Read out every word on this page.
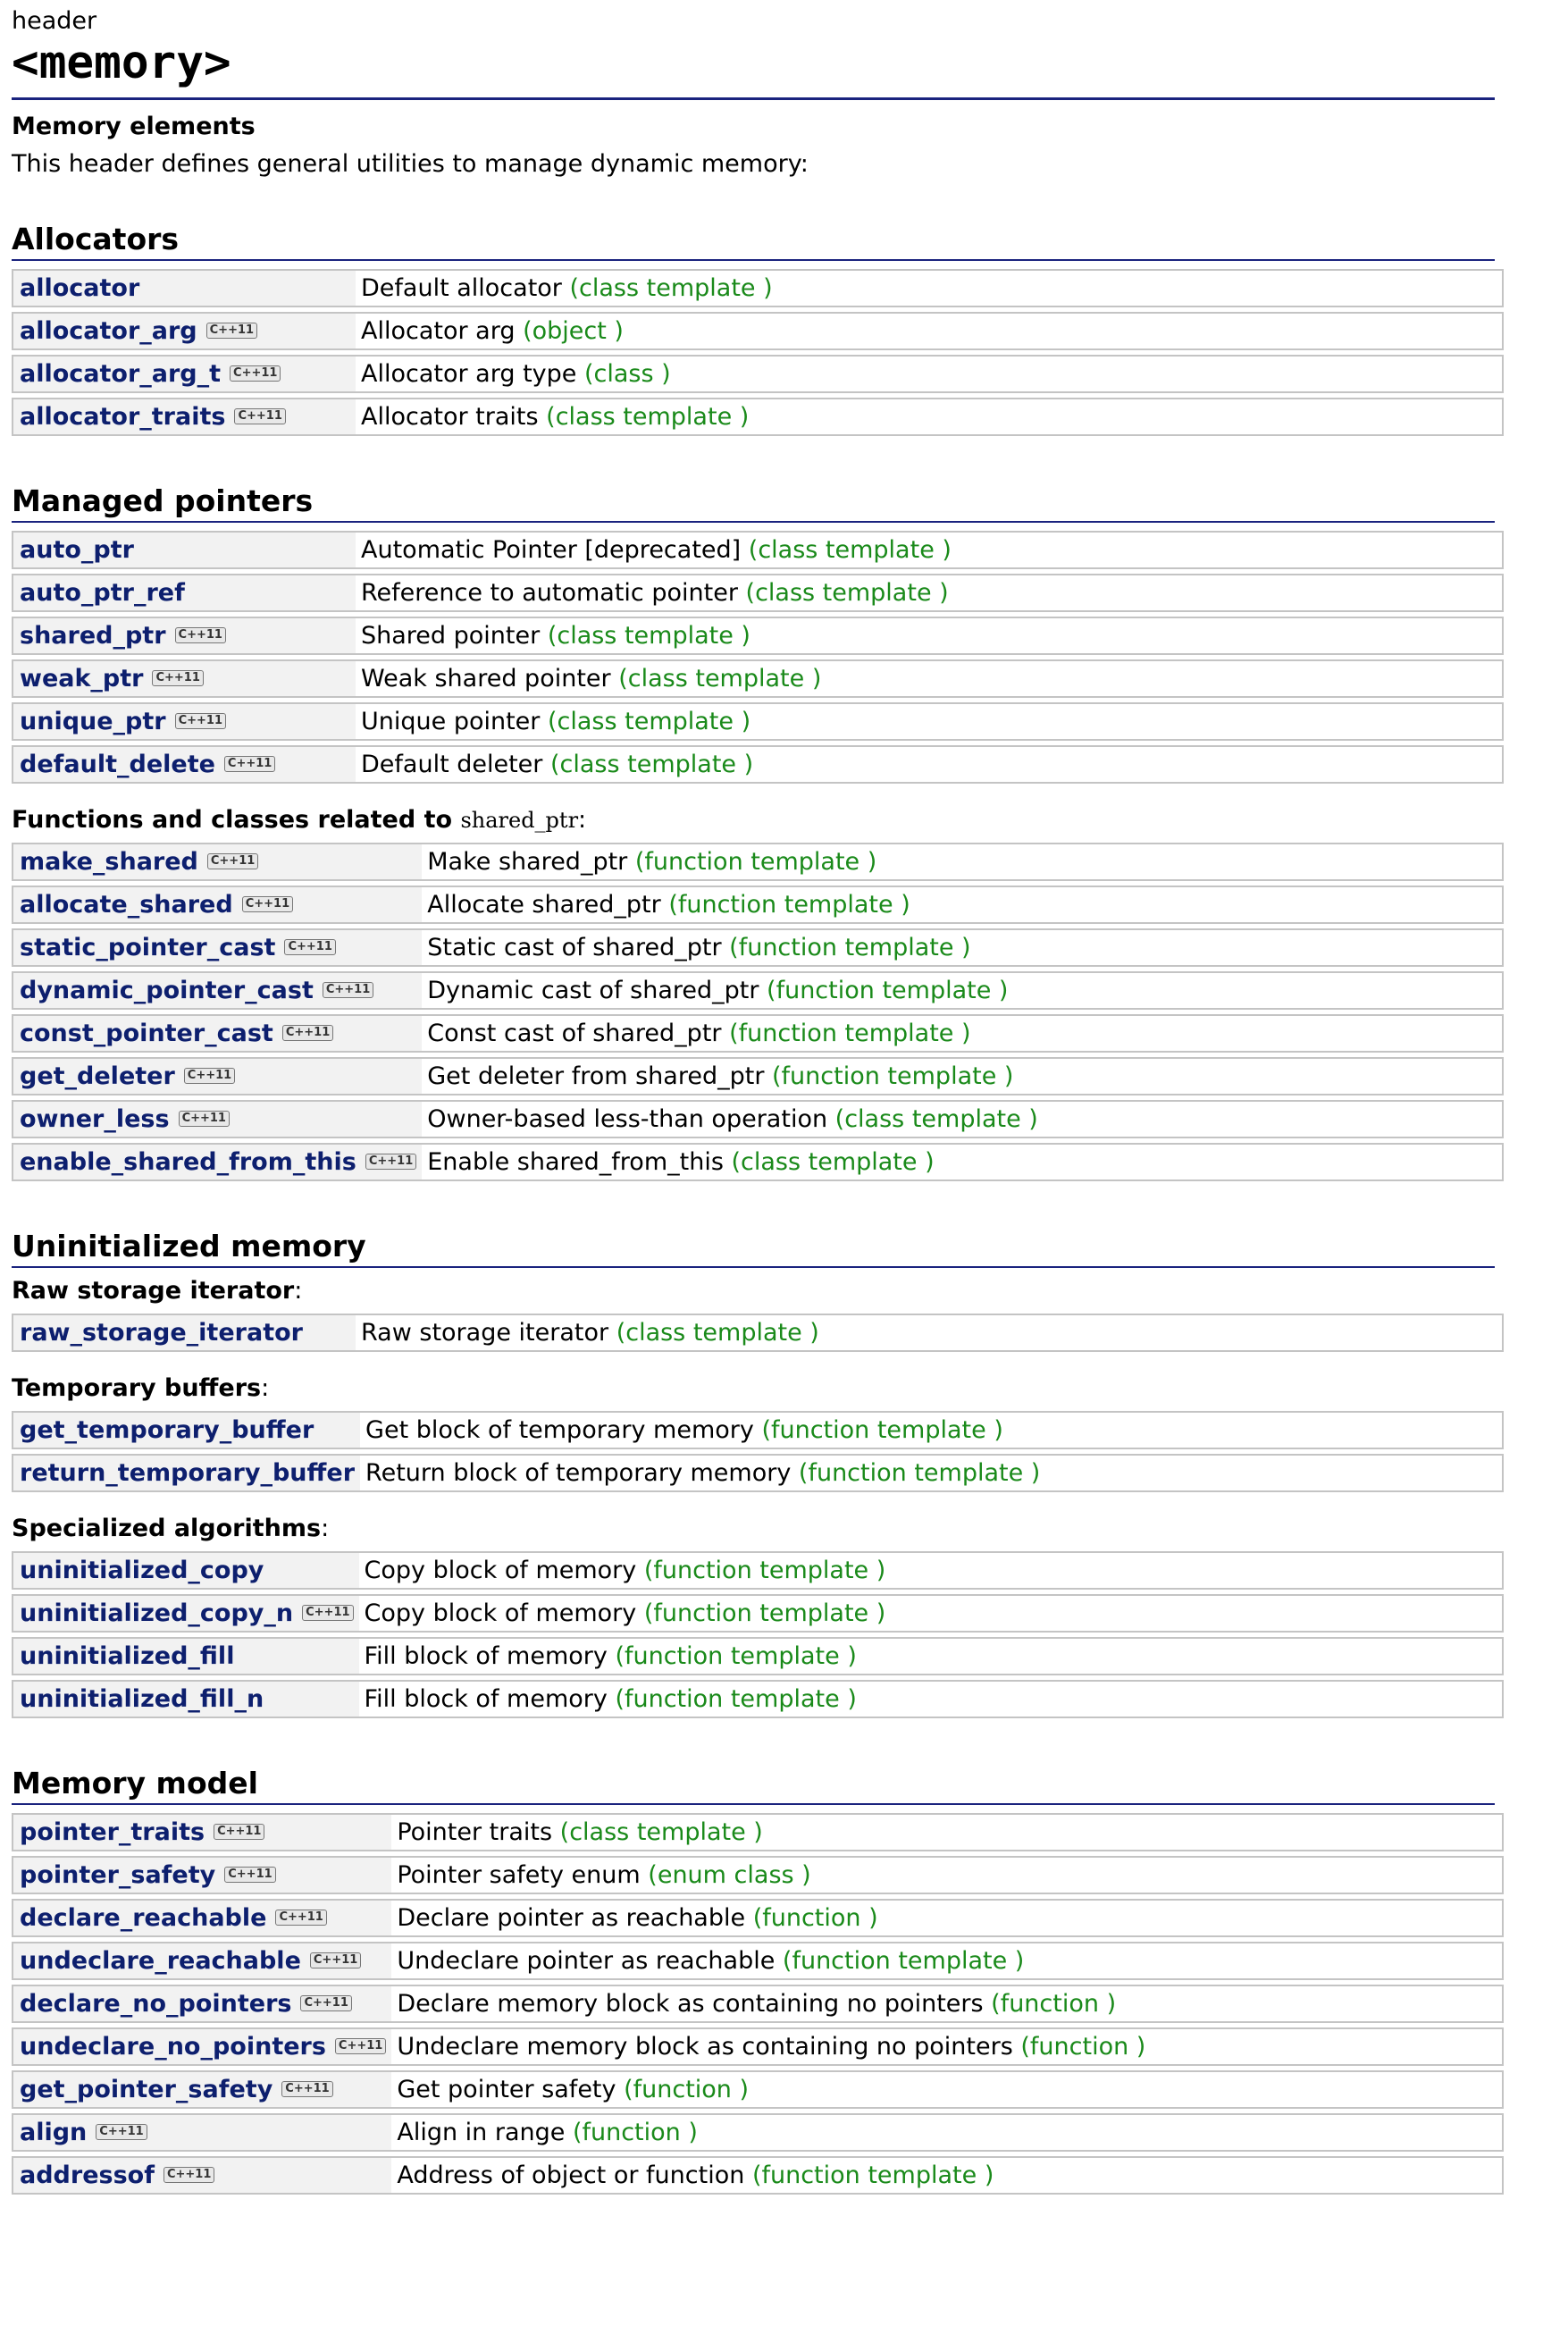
header
<memory>
Memory elements
This header defines general utilities to manage dynamic memory:
Allocators
allocator	Default allocator (class template )
allocator_arg C++11	Allocator arg (object )
allocator_arg_t C++11	Allocator arg type (class )
allocator_traits C++11	Allocator traits (class template )
Managed pointers
auto_ptr	Automatic Pointer [deprecated] (class template )
auto_ptr_ref	Reference to automatic pointer (class template )
shared_ptr C++11	Shared pointer (class template )
weak_ptr C++11	Weak shared pointer (class template )
unique_ptr C++11	Unique pointer (class template )
default_delete C++11	Default deleter (class template )
Functions and classes related to shared_ptr:
make_shared C++11	Make shared_ptr (function template )
allocate_shared C++11	Allocate shared_ptr (function template )
static_pointer_cast C++11	Static cast of shared_ptr (function template )
dynamic_pointer_cast C++11	Dynamic cast of shared_ptr (function template )
const_pointer_cast C++11	Const cast of shared_ptr (function template )
get_deleter C++11	Get deleter from shared_ptr (function template )
owner_less C++11	Owner-based less-than operation (class template )
enable_shared_from_this C++11	Enable shared_from_this (class template )
Uninitialized memory
Raw storage iterator:
raw_storage_iterator	Raw storage iterator (class template )
Temporary buffers:
get_temporary_buffer	Get block of temporary memory (function template )
return_temporary_buffer	Return block of temporary memory (function template )
Specialized algorithms:
uninitialized_copy	Copy block of memory (function template )
uninitialized_copy_n C++11	Copy block of memory (function template )
uninitialized_fill	Fill block of memory (function template )
uninitialized_fill_n	Fill block of memory (function template )
Memory model
pointer_traits C++11	Pointer traits (class template )
pointer_safety C++11	Pointer safety enum (enum class )
declare_reachable C++11	Declare pointer as reachable (function )
undeclare_reachable C++11	Undeclare pointer as reachable (function template )
declare_no_pointers C++11	Declare memory block as containing no pointers (function )
undeclare_no_pointers C++11	Undeclare memory block as containing no pointers (function )
get_pointer_safety C++11	Get pointer safety (function )
align C++11	Align in range (function )
addressof C++11	Address of object or function (function template )
